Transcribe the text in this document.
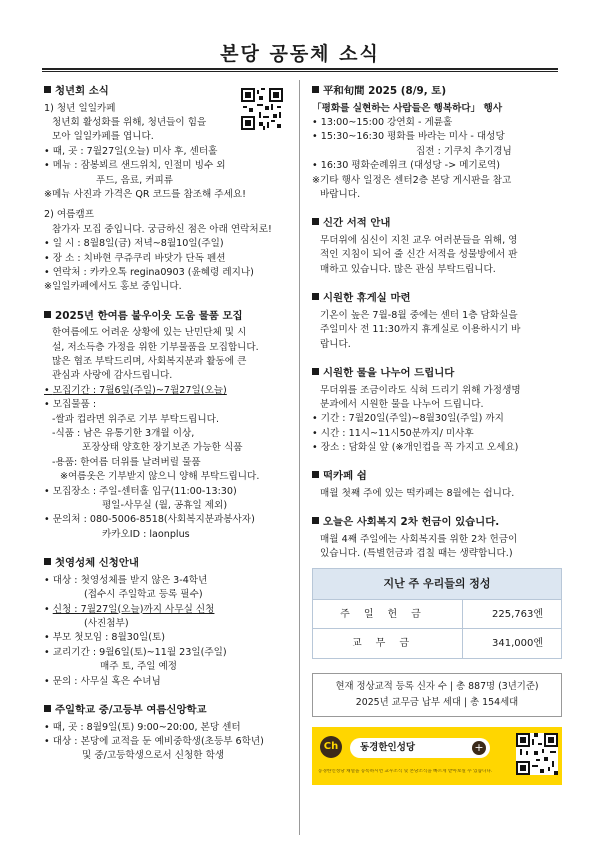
본당 공동체 소식
청년회 소식
1) 청년 일일카페
청년회 활성화를 위해, 청년들이 힘을
모아 일일카페를 엽니다.
• 때, 곳 : 7월27일(오늘) 미사 후, 센터홀
• 메뉴 : 잠봉뵈르 샌드위치, 인절미 빙수 외
푸드, 음료, 커피류
※메뉴 사진과 가격은 QR 코드를 참조해 주세요!
2) 여름캠프
참가자 모집 중입니다. 궁금하신 점은 아래 연락처로!
• 일 시 : 8월8일(금) 저녁~8월10일(주일)
• 장 소 : 치바현 쿠쥬쿠리 바닷가 단독 펜션
• 연락처 : 카카오톡 regina0903 (윤혜령 레지나)
※일일카페에서도 홍보 중입니다.
2025년 한여름 불우이웃 도움 물품 모집
한여름에도 어려운 상황에 있는 난민단체 및 시
설, 저소득층 가정을 위한 기부물품을 모집합니다.
많은 협조 부탁드리며, 사회복지분과 활동에 큰
관심과 사랑에 감사드립니다.
• 모집기간 : 7월6일(주일)~7월27일(오늘)
• 모집물품 :
-쌀과 컵라면 위주로 기부 부탁드립니다.
-식품 : 남은 유통기한 3개월 이상,
포장상태 양호한 장기보존 가능한 식품
-용품: 한여름 더위를 날려버릴 물품
※여름옷은 기부받지 않으니 양해 부탁드립니다.
• 모집장소 : 주일-센터홀 입구(11:00-13:30)
평일-사무실 (월, 공휴일 제외)
• 문의처 : 080-5006-8518(사회복지분과봉사자)
카카오ID : laonplus
첫영성체 신청안내
• 대상 : 첫영성체를 받지 않은 3-4학년
(접수시 주일학교 등록 필수)
• 신청 : 7월27일(오늘)까지 사무실 신청
(사진첨부)
• 부모 첫모임 : 8월30일(토)
• 교리기간 : 9월6일(토)~11월 23일(주일)
매주 토, 주일 예정
• 문의 : 사무실 혹은 수녀님
주일학교 중/고등부 여름신앙학교
• 때, 곳 : 8월9일(토) 9:00~20:00, 본당 센터
• 대상 : 본당에 교적을 둔 예비중학생(초등부 6학년)
및 중/고등학생으로서 신청한 학생
平和旬間 2025 (8/9, 토)
「평화를 실현하는 사람들은 행복하다」 행사
• 13:00~15:00 강연회 - 게륜홀
• 15:30~16:30 평화를 바라는 미사 - 대성당
집전 : 기쿠치 추기경님
• 16:30 평화순례위크 (대성당 -> 메기로역)
※기타 행사 일정은 센터2층 본당 게시판을 참고
바랍니다.
신간 서적 안내
무더위에 심신이 지친 교우 여러분들을 위해, 영
적인 지침이 되어 줄 신간 서적을 성물방에서 판
매하고 있습니다. 많은 관심 부탁드립니다.
시원한 휴게실 마련
기온이 높은 7월-8월 중에는 센터 1층 담화실을
주일미사 전 11:30까지 휴게실로 이용하시기 바
랍니다.
시원한 물을 나누어 드립니다
무더위를 조금이라도 식혀 드리기 위해 가정생명
분과에서 시원한 물을 나누어 드립니다.
• 기간 : 7월20일(주일)~8월30일(주일) 까지
• 시간 : 11시~11시50분까지/ 미사후
• 장소 : 담화실 앞 (※개인컵을 꼭 가지고 오세요)
떡카페 쉼
매월 첫째 주에 있는 떡카페는 8월에는 쉽니다.
오늘은 사회복지 2차 헌금이 있습니다.
매월 4째 주일에는 사회복지를 위한 2차 헌금이
있습니다. (특별헌금과 겹칠 때는 생략합니다.)
지난 주 우리들의 정성
주일헌금	225,763엔
교무금	341,000엔
현재 정상교적 등록 신자 수 | 총 887명 (3년기준)
2025년 교무금 납부 세대 | 총 154세대
Ch	동경한인성당	+
동경한인성당 채널을 등록하시면 교우소식 및 본당소식을 빠르게 받아보실 수 있습니다.
